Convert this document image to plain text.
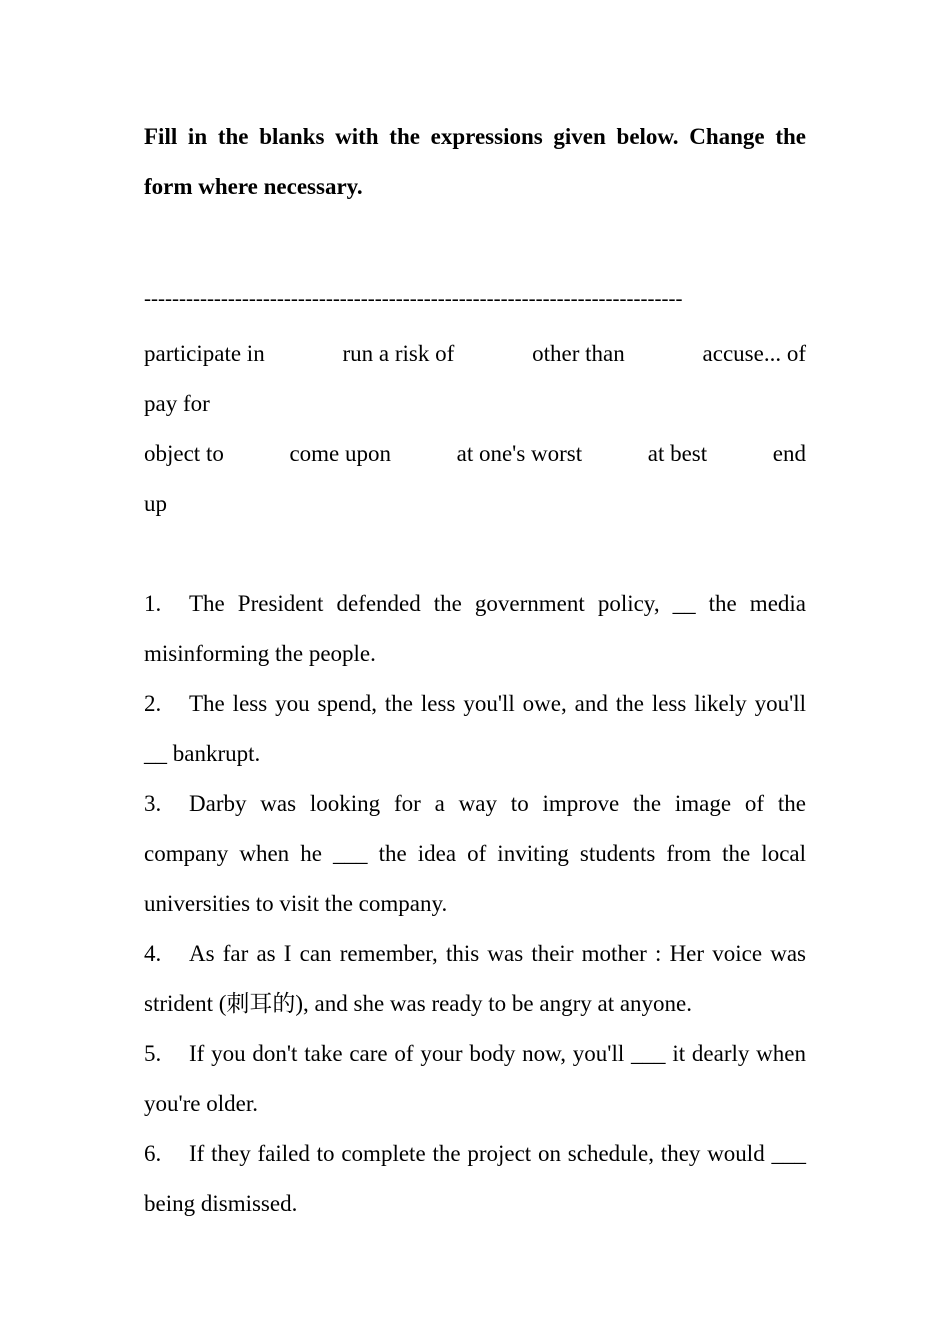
Fill in the blanks with the expressions given below. Change the form where necessary.

-----------------------------------------------------------------------------
participate in	run a risk of	other than	accuse... of
pay for
object to	come upon	at one's worst	at best	end
up

1. The President defended the government policy, __ the media misinforming the people.

2. The less you spend, the less you'll owe, and the less likely you'll __ bankrupt.

3. Darby was looking for a way to improve the image of the company when he ___ the idea of inviting students from the local universities to visit the company.

4. As far as I can remember, this was their mother : Her voice was strident (刺耳的), and she was ready to be angry at anyone.

5. If you don't take care of your body now, you'll ___ it dearly when you're older.

6. If they failed to complete the project on schedule, they would ___ being dismissed.
